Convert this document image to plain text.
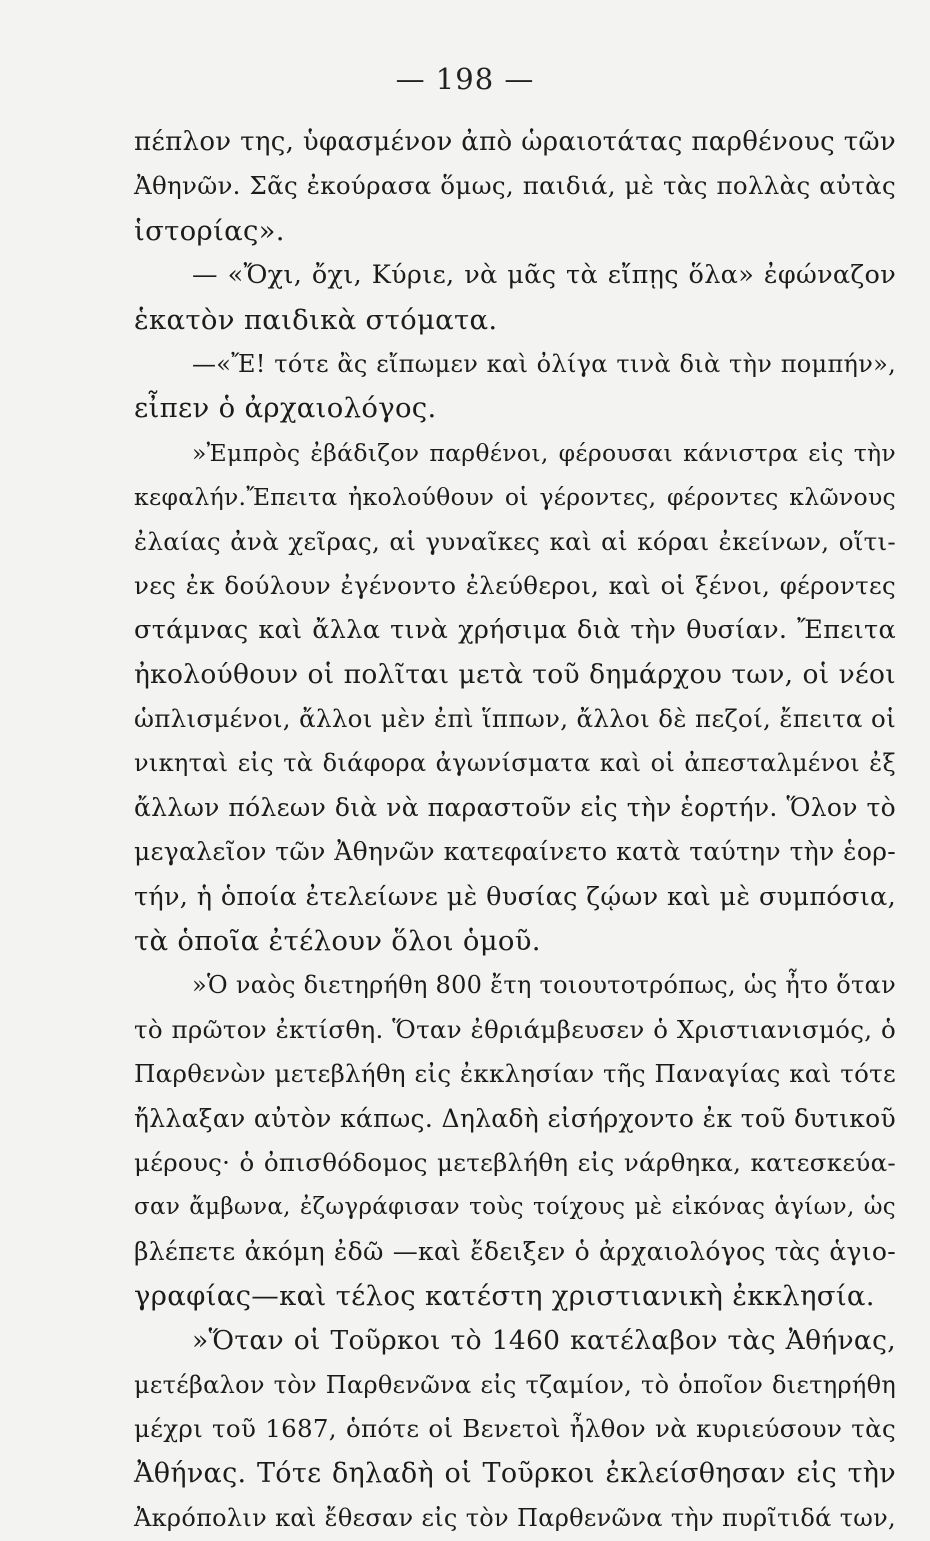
— 198 —
πέπλον της, ὑφασμένον ἀπὸ ὡραιοτάτας παρθένους τῶν
Ἀθηνῶν. Σᾶς ἐκούρασα ὅμως, παιδιά, μὲ τὰς πολλὰς αὐτὰς
ἱστορίας».
— «Ὄχι, ὄχι, Κύριε, νὰ μᾶς τὰ εἴπῃς ὅλα» ἐφώναζον
ἑκατὸν παιδικὰ στόματα.
—«Ἔ! τότε ἂς εἴπωμεν καὶ ὀλίγα τινὰ διὰ τὴν πομπήν»,
εἶπεν ὁ ἀρχαιολόγος.
»Ἐμπρὸς ἐβάδιζον παρθένοι, φέρουσαι κάνιστρα εἰς τὴν
κεφαλήν.Ἔπειτα ἠκολούθουν οἱ γέροντες, φέροντες κλῶνους
ἐλαίας ἀνὰ χεῖρας, αἱ γυναῖκες καὶ αἱ κόραι ἐκείνων, οἵτι-
νες ἐκ δούλουν ἐγένοντο ἐλεύθεροι, καὶ οἱ ξένοι, φέροντες
στάμνας καὶ ἄλλα τινὰ χρήσιμα διὰ τὴν θυσίαν. Ἔπειτα
ἠκολούθουν οἱ πολῖται μετὰ τοῦ δημάρχου των, οἱ νέοι
ὡπλισμένοι, ἄλλοι μὲν ἐπὶ ἵππων, ἄλλοι δὲ πεζοί, ἔπειτα οἱ
νικηταὶ εἰς τὰ διάφορα ἀγωνίσματα καὶ οἱ ἀπεσταλμένοι ἐξ
ἄλλων πόλεων διὰ νὰ παραστοῦν εἰς τὴν ἑορτήν. Ὅλον τὸ
μεγαλεῖον τῶν Ἀθηνῶν κατεφαίνετο κατὰ ταύτην τὴν ἑορ-
τήν, ἡ ὁποία ἐτελείωνε μὲ θυσίας ζῴων καὶ μὲ συμπόσια,
τὰ ὁποῖα ἐτέλουν ὅλοι ὁμοῦ.
»Ὁ ναὸς διετηρήθη 800 ἔτη τοιουτοτρόπως, ὡς ἦτο ὅταν
τὸ πρῶτον ἐκτίσθη. Ὅταν ἐθριάμβευσεν ὁ Χριστιανισμός, ὁ
Παρθενὼν μετεβλήθη εἰς ἐκκλησίαν τῆς Παναγίας καὶ τότε
ἤλλαξαν αὐτὸν κάπως. Δηλαδὴ εἰσήρχοντο ἐκ τοῦ δυτικοῦ
μέρους· ὁ ὀπισθόδομος μετεβλήθη εἰς νάρθηκα, κατεσκεύα-
σαν ἄμβωνα, ἐζωγράφισαν τοὺς τοίχους μὲ εἰκόνας ἁγίων, ὡς
βλέπετε ἀκόμη ἐδῶ —καὶ ἔδειξεν ὁ ἀρχαιολόγος τὰς ἁγιο-
γραφίας—καὶ τέλος κατέστη χριστιανικὴ ἐκκλησία.
»Ὅταν οἱ Τοῦρκοι τὸ 1460 κατέλαβον τὰς Ἀθήνας,
μετέβαλον τὸν Παρθενῶνα εἰς τζαμίον, τὸ ὁποῖον διετηρήθη
μέχρι τοῦ 1687, ὁπότε οἱ Βενετοὶ ἦλθον νὰ κυριεύσουν τὰς
Ἀθήνας. Τότε δηλαδὴ οἱ Τοῦρκοι ἐκλείσθησαν εἰς τὴν
Ἀκρόπολιν καὶ ἔθεσαν εἰς τὸν Παρθενῶνα τὴν πυρῖτιδά των,
